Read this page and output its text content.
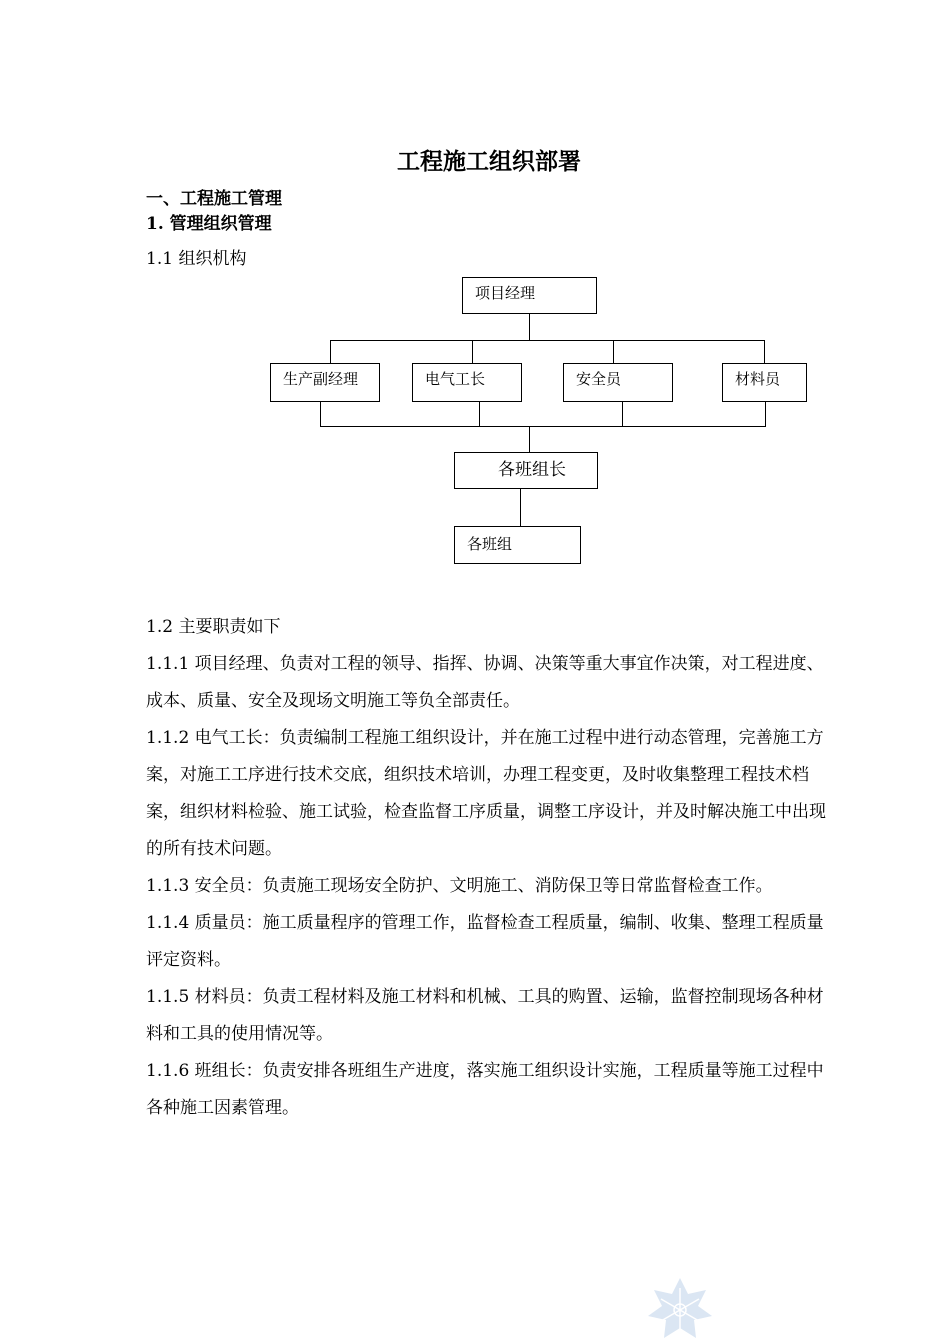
工程施工组织部署
一、工程施工管理
1. 管理组织管理
1.1 组织机构
项目经理
生产副经理	电气工长	安全员	材料员
各班组长
各班组

1.2 主要职责如下

1.1.1 项目经理、负责对工程的领导、指挥、协调、决策等重大事宜作决策，对工程进度、成本、质量、安全及现场文明施工等负全部责任。

1.1.2 电气工长：负责编制工程施工组织设计，并在施工过程中进行动态管理，完善施工方案，对施工工序进行技术交底，组织技术培训，办理工程变更，及时收集整理工程技术档案，组织材料检验、施工试验，检查监督工序质量，调整工序设计，并及时解决施工中出现的所有技术问题。

1.1.3 安全员：负责施工现场安全防护、文明施工、消防保卫等日常监督检查工作。

1.1.4 质量员：施工质量程序的管理工作，监督检查工程质量，编制、收集、整理工程质量评定资料。

1.1.5 材料员：负责工程材料及施工材料和机械、工具的购置、运输，监督控制现场各种材料和工具的使用情况等。

1.1.6 班组长：负责安排各班组生产进度，落实施工组织设计实施，工程质量等施工过程中各种施工因素管理。
